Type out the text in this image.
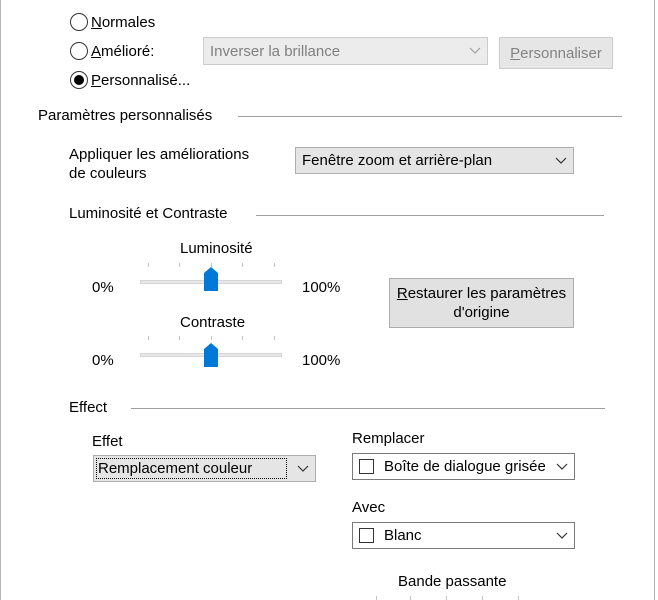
Normales
Amélioré:
Personnalisé...
Inverser la brillance	Personnaliser
Paramètres personnalisés
Appliquer les améliorations
de couleurs
Fenêtre zoom et arrière-plan
Luminosité et Contraste
Luminosité
0%	100%
Contraste
0%	100%
Restaurer les paramètres
d'origine
Effect
Effet
Remplacement couleur
Remplacer
Boîte de dialogue grisée
Avec
Blanc
Bande passante
